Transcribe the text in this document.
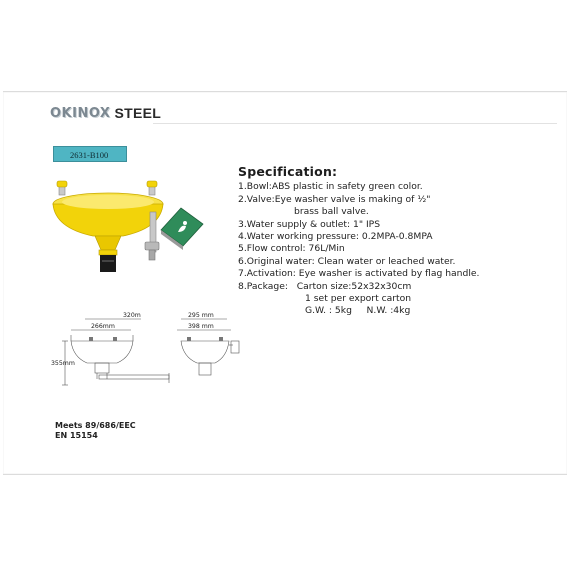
OKINOX STEEL
2631-B100
320m
266mm
355mm
295 mm
398 mm
Specification:
1.Bowl:ABS plastic in safety green color.
2.Valve:Eye washer valve is making of ½"
brass ball valve.
3.Water supply & outlet: 1" IPS
4.Water working pressure: 0.2MPA-0.8MPA
5.Flow control: 76L/Min
6.Original water: Clean water or leached water.
7.Activation: Eye washer is activated by flag handle.
8.Package:   Carton size:52x32x30cm
1 set per export carton
G.W. : 5kg     N.W. :4kg
Meets 89/686/EEC
EN 15154
